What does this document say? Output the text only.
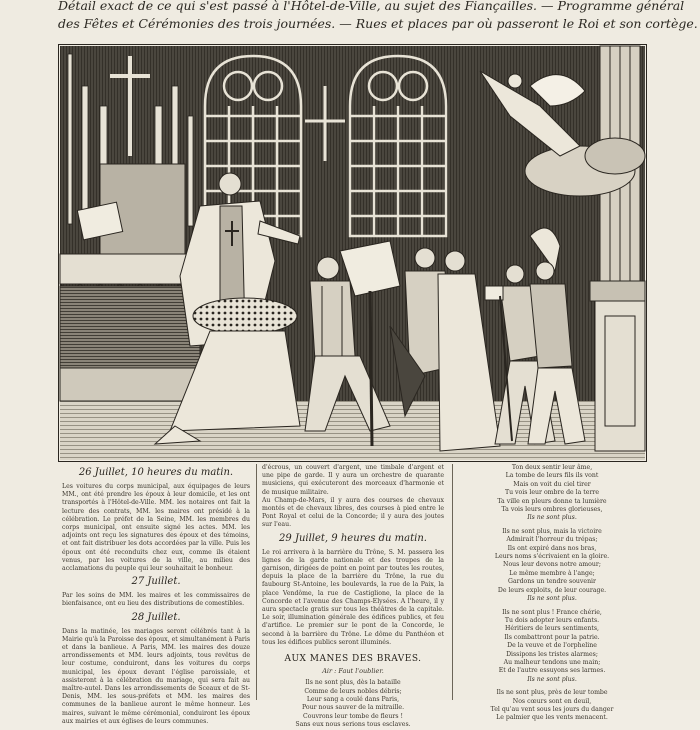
Détail exact de ce qui s'est passé à l'Hôtel-de-Ville, au sujet des Fiançailles. — Programme général
des Fêtes et Cérémonies des trois journées. — Rues et places par où passeront le Roi et son cortège.
26 Juillet, 10 heures du matin.
Les voitures du corps municipal, aux équipages de leurs MM., ont été prendre les époux à leur domicile, et les ont transportés à l'Hôtel-de-Ville. MM. les notaires ont fait la lecture des contrats, MM. les maires ont présidé à la célébration. Le préfet de la Seine, MM. les membres du corps municipal, ont ensuite signé les actes. MM. les adjoints ont reçu les signatures des époux et des témoins, et ont fait distribuer les dots accordées par la ville. Puis les époux ont été reconduits chez eux, comme ils étaient venus, par les voitures de la ville, au milieu des acclamations du peuple qui leur souhaitait le bonheur.
27 Juillet.
Par les soins de MM. les maires et les commissaires de bienfaisance, ont eu lieu des distributions de comestibles.
28 Juillet.
Dans la matinée, les mariages seront célébrés tant à la Mairie qu'à la Paroisse des époux, et simultanément à Paris et dans la banlieue. A Paris, MM. les maires des douze arrondissements et MM. leurs adjoints, tous revêtus de leur costume, conduiront, dans les voitures du corps municipal, les époux devant l'église paroissiale, et assisteront à la célébration du mariage, qui sera fait au maître-autel. Dans les arrondissements de Sceaux et de St-Denis, MM. les sous-préfets et MM. les maires des communes de la banlieue auront le même honneur. Les maires, suivant le même cérémonial, conduiront les époux aux mairies et aux églises de leurs communes.
d'écrous, un couvert d'argent, une timbale d'argent et une pipe de garde. Il y aura un orchestre de quarante musiciens, qui exécuteront des morceaux d'harmonie et de musique militaire.
Au Champ-de-Mars, il y aura des courses de chevaux montés et de chevaux libres, des courses à pied entre le Pont Royal et celui de la Concorde; il y aura des joutes sur l'eau.
29 Juillet, 9 heures du matin.
Le roi arrivera à la barrière du Trône, S. M. passera les lignes de la garde nationale et des troupes de la garnison, dirigées de point en point par toutes les routes, depuis la place de la barrière du Trône, la rue du faubourg St-Antoine, les boulevards, la rue de la Paix, la place Vendôme, la rue de Castiglione, la place de la Concorde et l'avenue des Champs-Elysées. A l'heure, il y aura spectacle gratis sur tous les théâtres de la capitale. Le soir, illumination générale des édifices publics, et feu d'artifice. Le premier sur le pont de la Concorde, le second à la barrière du Trône. Le dôme du Panthéon et tous les édifices publics seront illuminés.
AUX MANES DES BRAVES.
Air : Faut l'oublier.
Ils ne sont plus, dès la bataille
Comme de leurs nobles débris;
Leur sang a coulé dans Paris,
Pour nous sauver de la mitraille.
Couvrons leur tombe de fleurs !
Sans eux nous serions tous esclaves.
Ton deux sentir leur âme,
La tombe de leurs fils ils vont
Mais on voit du ciel tirer
Tu vois leur ombre de la terre
Ta ville en pleurs donne ta lumière
Ta vois leurs ombres glorieuses,
Ils ne sont plus.
Ils ne sont plus, mais la victoire
Admirait l'horreur du trépas;
Ils ont expiré dans nos bras,
Leurs noms s'écrivaient en la gloire.
Nous leur devons notre amour;
Le même membre à l'ange;
Gardons un tendre souvenir
De leurs exploits, de leur courage.
Ils ne sont plus.
Ils ne sont plus ! France chérie,
Tu dois adopter leurs enfants.
Héritiers de leurs sentiments,
Ils combattront pour la patrie.
De la veuve et de l'orpheline
Dissipons les tristes alarmes;
Au malheur tendons une main;
Et de l'autre essuyons ses larmes.
Ils ne sont plus.
Ils ne sont plus, près de leur tombe
Nos cœurs sont en deuil,
Tel qu'au vent sous les jours du danger
Le palmier que les vents menacent.
